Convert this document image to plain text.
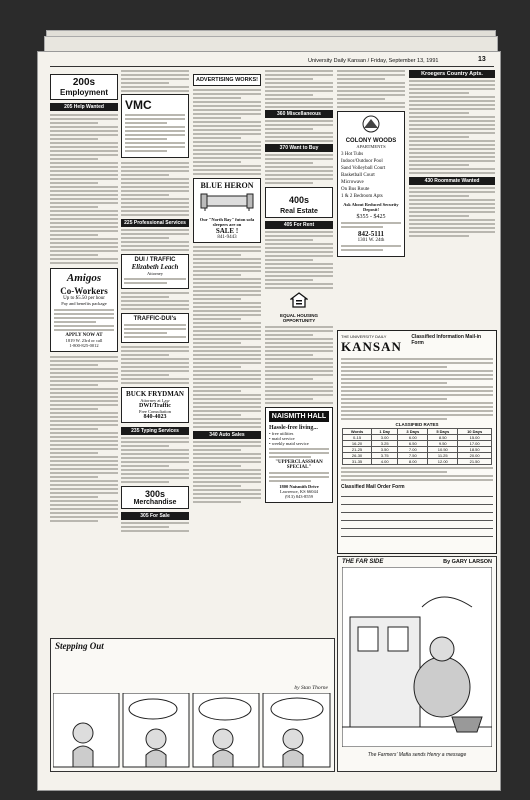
University Daily Kansan / Friday, September 13, 1991	13
200s
Employment
205 Help Wanted
Amigos
Co-Workers
Up to $5.50 per hour
Pay and benefits package
APPLY NOW AT
1819 W. 23rd or call
1-800-825-0012
VMC
225 Professional Services
DUI / TRAFFIC
Elizabeth Leach
Attorney
TRAFFIC-DUI's
BUCK FRYDMAN
Attorney at Law
DWI/Traffic
Free Consultation
840-4023
235 Typing Services
300s
Merchandise
305 For Sale
ADVERTISING WORKS!
BLUE HERON
Our "North Bay" futon sofa sleepers are on
SALE !
841-9443
340 Auto Sales
360 Miscellaneous
370 Want to Buy
400s
Real Estate
405 For Rent
EQUAL HOUSING OPPORTUNITY
NAISMITH HALL
Hassle-free living...
• free utilities
• maid service
• weekly maid service
"UPPERCLASSMAN SPECIAL"
1800 Naismith Drive
Lawrence, KS 66044
(913) 843-8559
COLONY WOODS
APARTMENTS
3 Hot Tubs
Indoor/Outdoor Pool
Sand Volleyball Court
Basketball Court
Microwave
On Bus Route
1 & 2 Bedroom Apts
Ask About Reduced Security Deposit!
$355 - $425
842-5111
1301 W. 24th
Kroegers Country Apts.
430 Roommate Wanted
THE UNIVERSITY DAILY
KANSAN
Classified Information Mail-in Form
CLASSIFIED RATES
Words	1 Day	3 Days	5 Days	10 Days
0-15	3.00	6.00	8.50	15.00
16-20	3.25	6.50	9.50	17.00
21-25	3.50	7.00	10.50	18.50
26-30	3.75	7.50	11.25	20.00
31-35	4.00	8.00	12.00	21.50
Classified Mail Order Form
THE FAR SIDE	By GARY LARSON
The Farmers' Mafia sends Henry a message
Stepping Out
by Stan Thorne
